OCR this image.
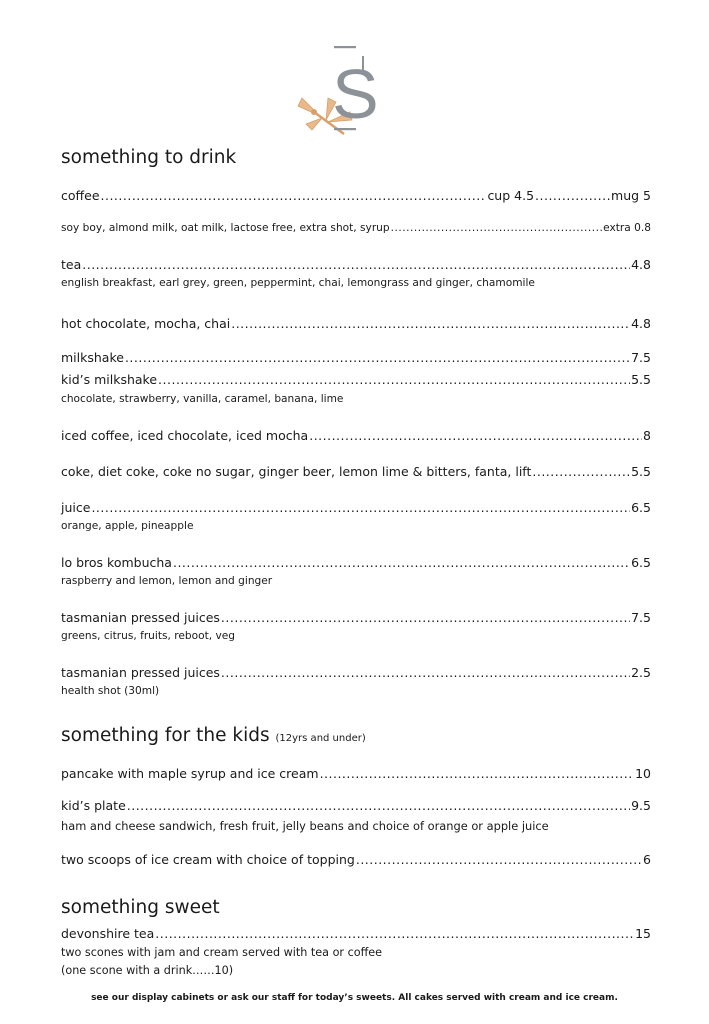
S
something to drink
coffee .....	cup 4.5 .....	mug 5
soy boy, almond milk, oat milk, lactose free, extra shot, syrup .....	extra 0.8
tea .....	4.8
english breakfast, earl grey, green, peppermint, chai, lemongrass and ginger, chamomile
hot chocolate, mocha, chai .....	4.8
milkshake .....	7.5
kid’s milkshake .....	5.5
chocolate, strawberry, vanilla, caramel, banana, lime
iced coffee, iced chocolate, iced mocha .....	8
coke, diet coke, coke no sugar, ginger beer, lemon lime & bitters, fanta, lift .....	5.5
juice .....	6.5
orange, apple, pineapple
lo bros kombucha .....	6.5
raspberry and lemon, lemon and ginger
tasmanian pressed juices .....	7.5
greens, citrus, fruits, reboot, veg
tasmanian pressed juices .....	2.5
health shot (30ml)
something for the kids (12yrs and under)
pancake with maple syrup and ice cream .....	10
kid’s plate .....	9.5
ham and cheese sandwich, fresh fruit, jelly beans and choice of orange or apple juice
two scoops of ice cream with choice of topping .....	6
something sweet
devonshire tea .....	15
two scones with jam and cream served with tea or coffee
(one scone with a drink……10)
see our display cabinets or ask our staff for today’s sweets. All cakes served with cream and ice cream.
